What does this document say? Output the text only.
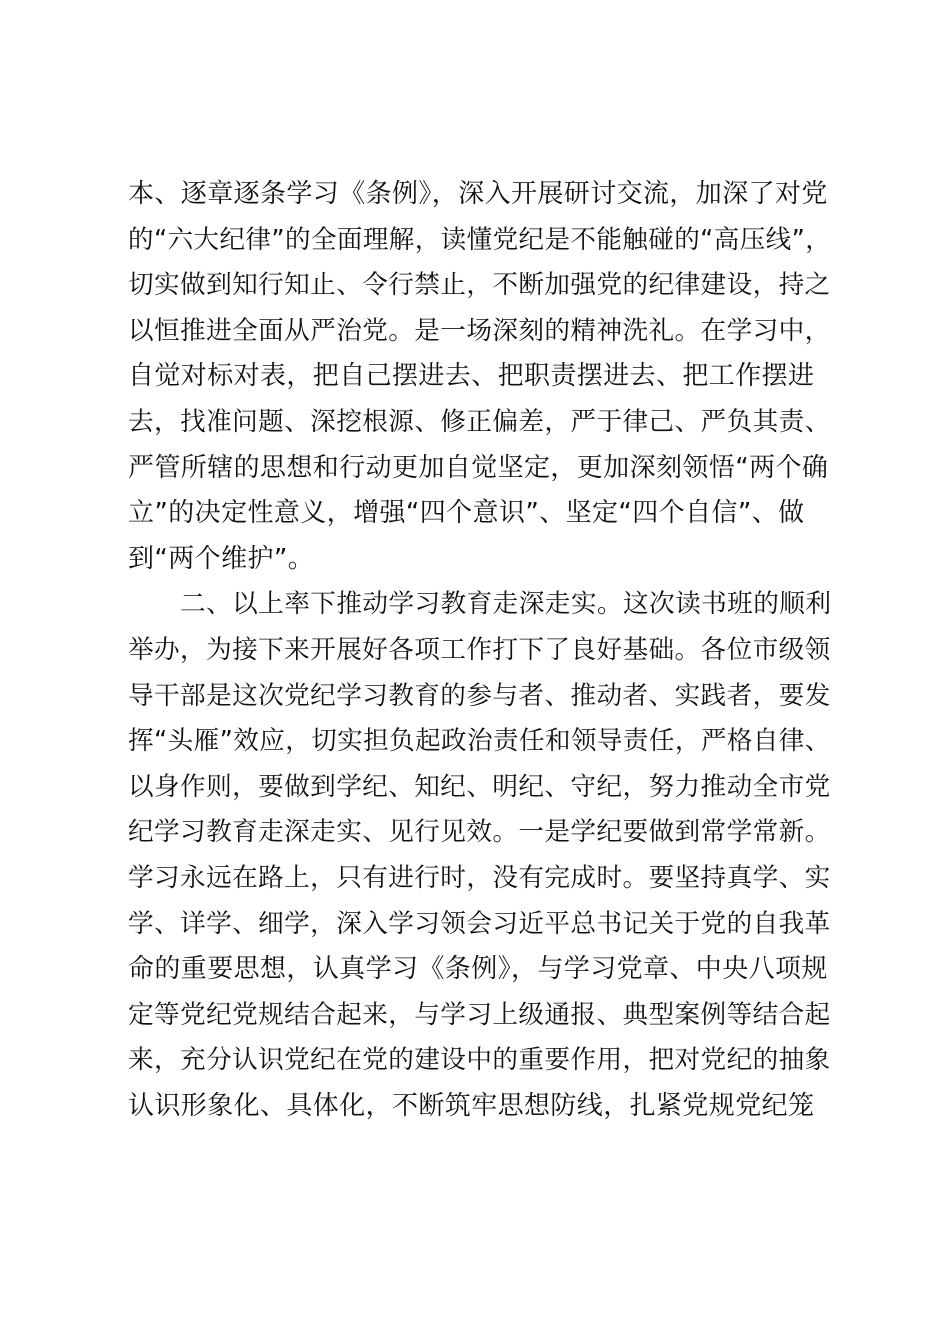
本、逐章逐条学习《条例》，深入开展研讨交流，加深了对党
的“六大纪律”的全面理解，读懂党纪是不能触碰的“高压线”，
切实做到知行知止、令行禁止，不断加强党的纪律建设，持之
以恒推进全面从严治党。是一场深刻的精神洗礼。在学习中，
自觉对标对表，把自己摆进去、把职责摆进去、把工作摆进
去，找准问题、深挖根源、修正偏差，严于律己、严负其责、
严管所辖的思想和行动更加自觉坚定，更加深刻领悟“两个确
立”的决定性意义，增强“四个意识”、坚定“四个自信”、做
到“两个维护”。
二、以上率下推动学习教育走深走实。这次读书班的顺利
举办，为接下来开展好各项工作打下了良好基础。各位市级领
导干部是这次党纪学习教育的参与者、推动者、实践者，要发
挥“头雁”效应，切实担负起政治责任和领导责任，严格自律、
以身作则，要做到学纪、知纪、明纪、守纪，努力推动全市党
纪学习教育走深走实、见行见效。一是学纪要做到常学常新。
学习永远在路上，只有进行时，没有完成时。要坚持真学、实
学、详学、细学，深入学习领会习近平总书记关于党的自我革
命的重要思想，认真学习《条例》，与学习党章、中央八项规
定等党纪党规结合起来，与学习上级通报、典型案例等结合起
来，充分认识党纪在党的建设中的重要作用，把对党纪的抽象
认识形象化、具体化，不断筑牢思想防线，扎紧党规党纪笼
